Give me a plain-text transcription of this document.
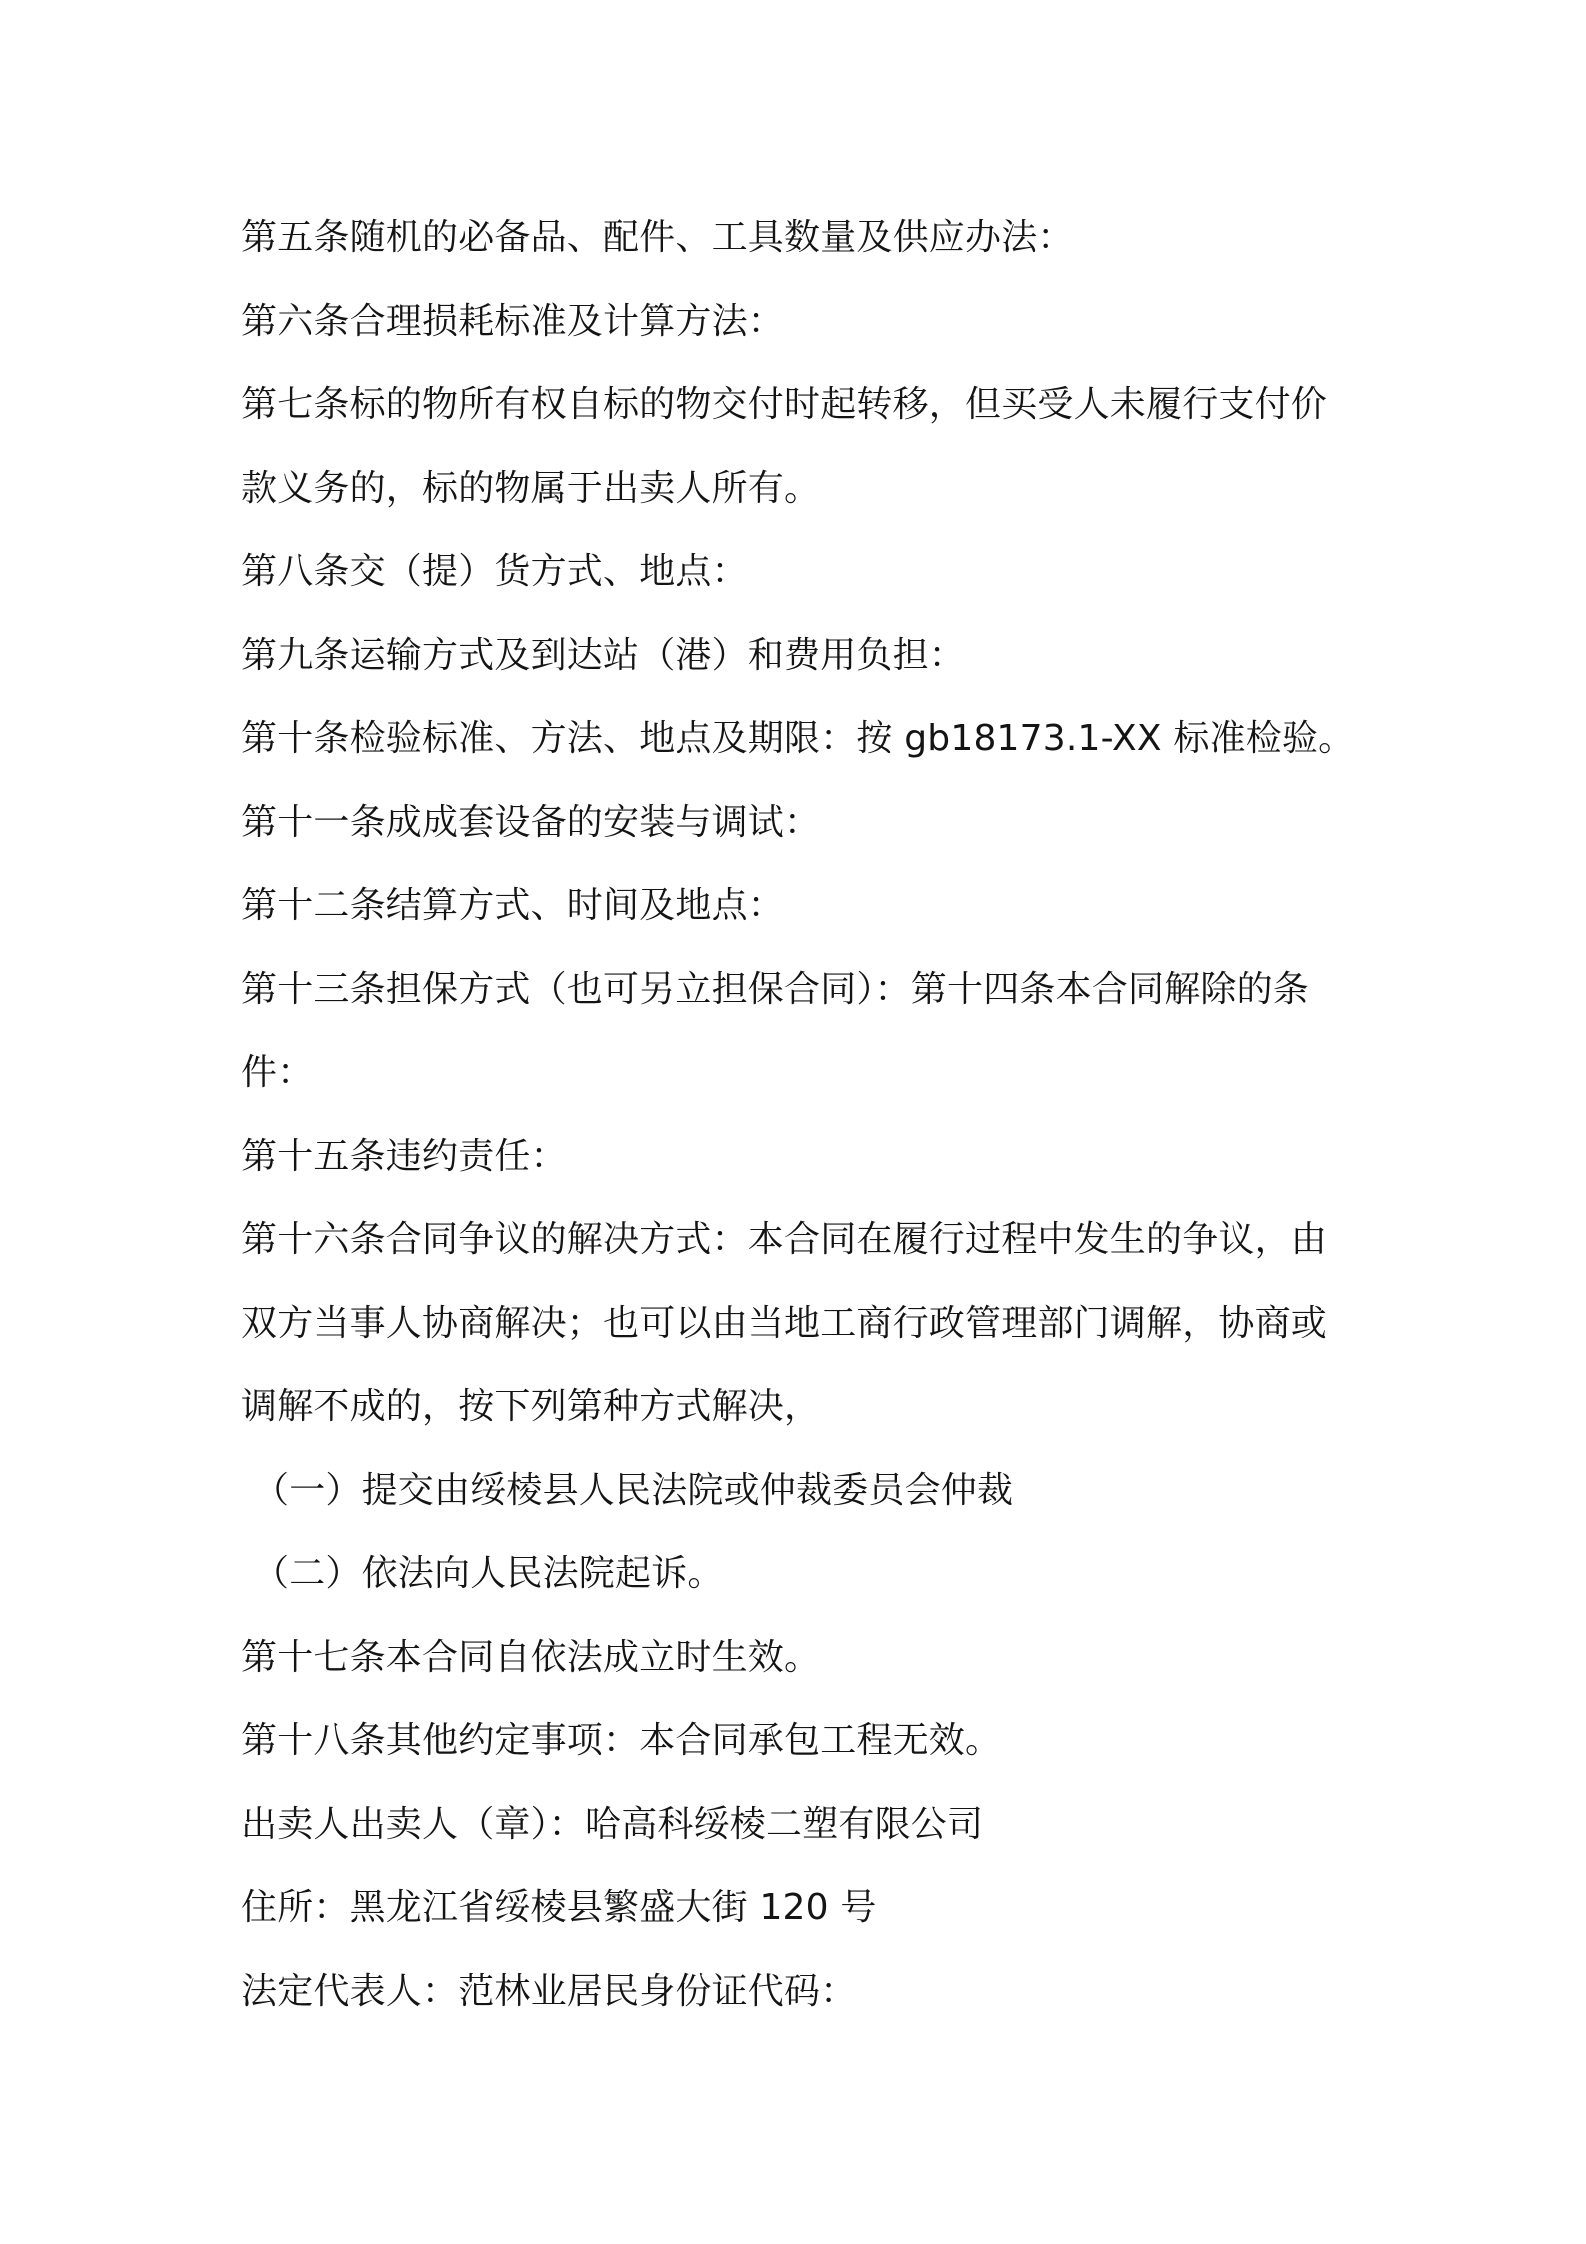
第五条随机的必备品、配件、工具数量及供应办法：
第六条合理损耗标准及计算方法：
第七条标的物所有权自标的物交付时起转移，但买受人未履行支付价
款义务的，标的物属于出卖人所有。
第八条交（提）货方式、地点：
第九条运输方式及到达站（港）和费用负担：
第十条检验标准、方法、地点及期限：按 gb18173.1-XX 标准检验。
第十一条成成套设备的安装与调试：
第十二条结算方式、时间及地点：
第十三条担保方式（也可另立担保合同）：第十四条本合同解除的条
件：
第十五条违约责任：
第十六条合同争议的解决方式：本合同在履行过程中发生的争议，由
双方当事人协商解决；也可以由当地工商行政管理部门调解，协商或
调解不成的，按下列第种方式解决，
（一）提交由绥棱县人民法院或仲裁委员会仲裁
（二）依法向人民法院起诉。
第十七条本合同自依法成立时生效。
第十八条其他约定事项：本合同承包工程无效。
出卖人出卖人（章）：哈高科绥棱二塑有限公司
住所：黑龙江省绥棱县繁盛大街 120 号
法定代表人：范林业居民身份证代码：
